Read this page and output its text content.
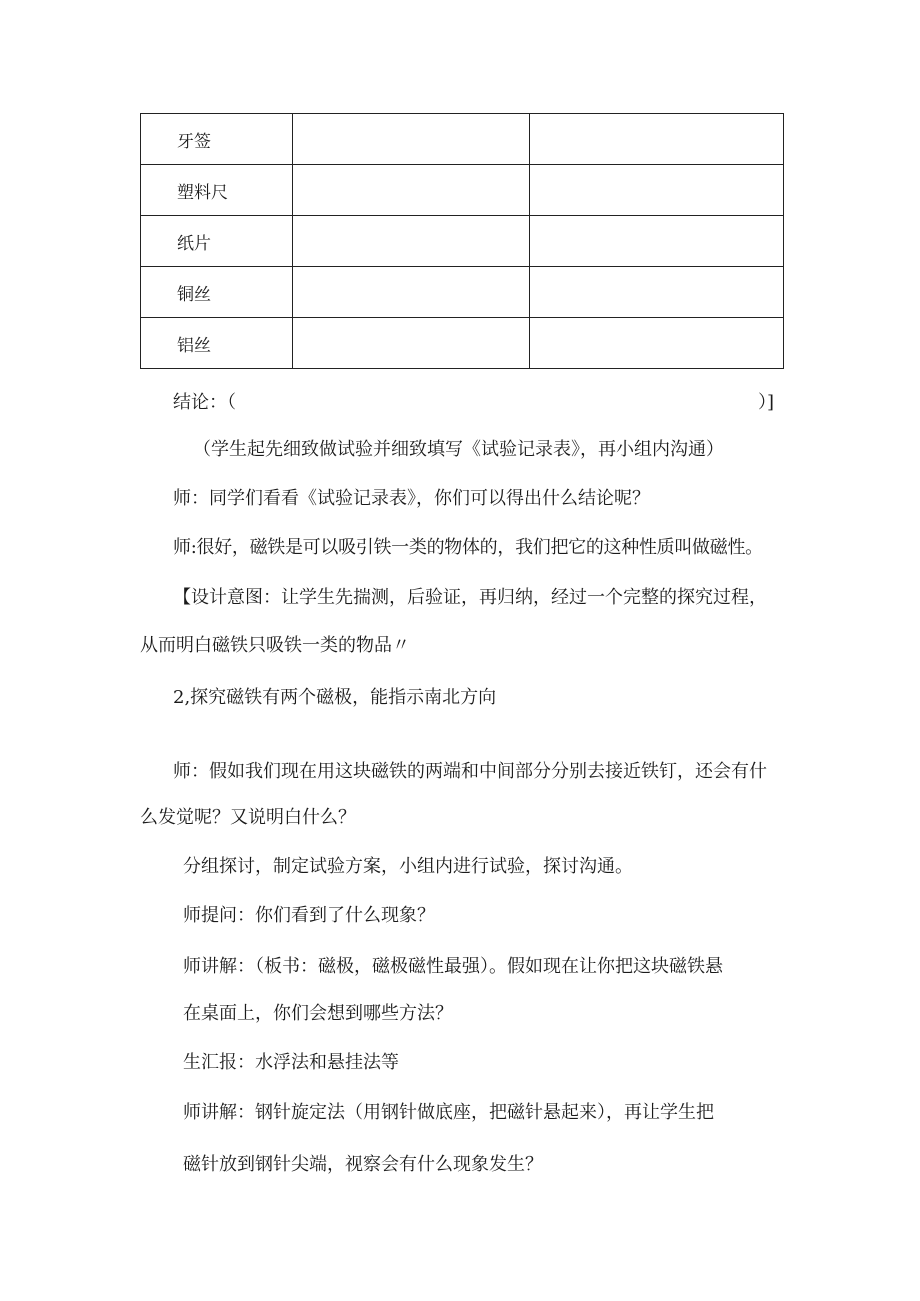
牙签		
塑料尺		
纸片		
铜丝		
铝丝		
结论：（	）]
（学生起先细致做试验并细致填写《试验记录表》，再小组内沟通）
师：同学们看看《试验记录表》，你们可以得出什么结论呢？
师:很好，磁铁是可以吸引铁一类的物体的，我们把它的这种性质叫做磁性。
【设计意图：让学生先揣测，后验证，再归纳，经过一个完整的探究过程，
从而明白磁铁只吸铁一类的物品〃
2,探究磁铁有两个磁极，能指示南北方向
师：假如我们现在用这块磁铁的两端和中间部分分别去接近铁钉，还会有什
么发觉呢？又说明白什么？
分组探讨，制定试验方案，小组内进行试验，探讨沟通。
师提问：你们看到了什么现象？
师讲解：（板书：磁极，磁极磁性最强）。假如现在让你把这块磁铁悬
在桌面上，你们会想到哪些方法？
生汇报：水浮法和悬挂法等
师讲解：钢针旋定法（用钢针做底座，把磁针悬起来），再让学生把
磁针放到钢针尖端，视察会有什么现象发生？
